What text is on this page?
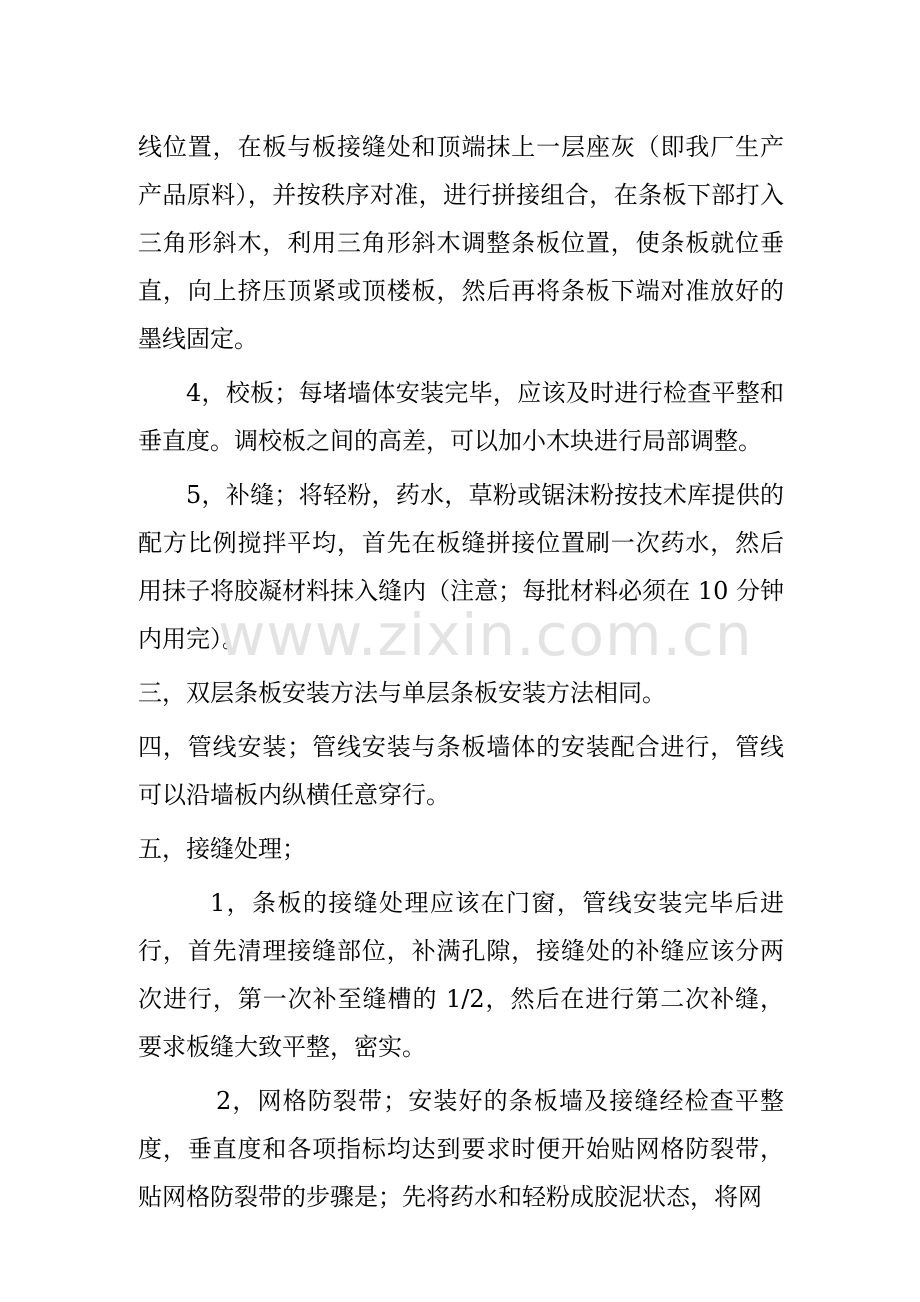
线位置，在板与板接缝处和顶端抹上一层座灰（即我厂生产产品原料），并按秩序对准，进行拼接组合，在条板下部打入三角形斜木，利用三角形斜木调整条板位置，使条板就位垂直，向上挤压顶紧或顶楼板，然后再将条板下端对准放好的墨线固定。

4，校板；每堵墙体安装完毕，应该及时进行检查平整和垂直度。调校板之间的高差，可以加小木块进行局部调整。

5，补缝；将轻粉，药水，草粉或锯沫粉按技术库提供的配方比例搅拌平均，首先在板缝拼接位置刷一次药水，然后用抹子将胶凝材料抹入缝内（注意；每批材料必须在 10 分钟内用完）。

三，双层条板安装方法与单层条板安装方法相同。

四，管线安装；管线安装与条板墙体的安装配合进行，管线可以沿墙板内纵横任意穿行。

五，接缝处理；

1，条板的接缝处理应该在门窗，管线安装完毕后进行，首先清理接缝部位，补满孔隙，接缝处的补缝应该分两次进行，第一次补至缝槽的 1/2，然后在进行第二次补缝，要求板缝大致平整，密实。

2，网格防裂带；安装好的条板墙及接缝经检查平整度，垂直度和各项指标均达到要求时便开始贴网格防裂带，贴网格防裂带的步骤是；先将药水和轻粉成胶泥状态，将网

www.zixin.com.cn
